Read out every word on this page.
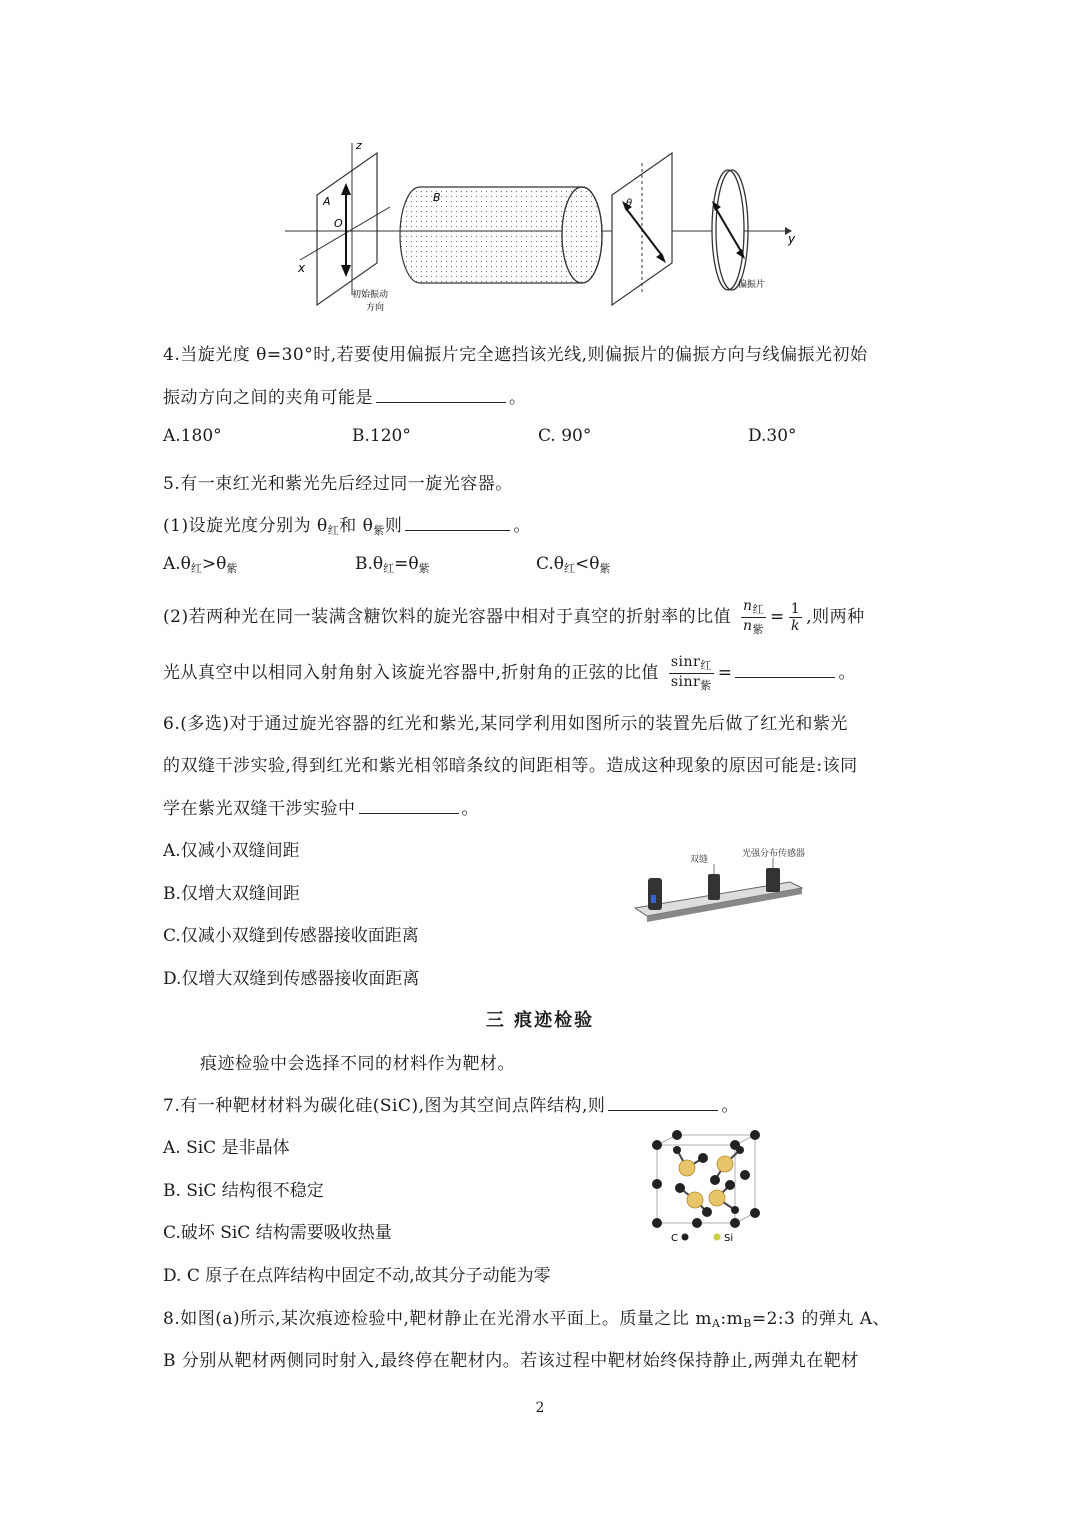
z
y
x
A
O
初始振动
方向
B	θ
偏振片
4.当旋光度 θ=30°时,若要使用偏振片完全遮挡该光线,则偏振片的偏振方向与线偏振光初始
振动方向之间的夹角可能是	。
A.180°	B.120°	C. 90°	D.30°
5.有一束红光和紫光先后经过同一旋光容器。
(1)设旋光度分别为 $\theta_红$和 $\theta_紫$则	。
$A.\theta_红>\theta_紫$	$B.\theta_红=\theta_紫$	$C.\theta_红<\theta_紫$
(2)若两种光在同一装满含糖饮料的旋光容器中相对于真空的折射率的比值 $\frac{n_红}{n_紫} = \frac{1}{k}$ ,则两种
光从真空中以相同入射角射入该旋光容器中,折射角的正弦的比值 $\frac{\sin r_红}{\sin r_紫}$ =	。
6.(多选)对于通过旋光容器的红光和紫光,某同学利用如图所示的装置先后做了红光和紫光
的双缝干涉实验,得到红光和紫光相邻暗条纹的间距相等。造成这种现象的原因可能是:该同
学在紫光双缝干涉实验中	。
A.仅减小双缝间距
B.仅增大双缝间距
C.仅减小双缝到传感器接收面距离
D.仅增大双缝到传感器接收面距离
双缝
光强分布传感器
三 痕迹检验
痕迹检验中会选择不同的材料作为靶材。
7.有一种靶材材料为碳化硅(SiC),图为其空间点阵结构,则	。
A. SiC 是非晶体
B. SiC 结构很不稳定
C.破坏 SiC 结构需要吸收热量
D. C 原子在点阵结构中固定不动,故其分子动能为零
C	Si
8.如图(a)所示,某次痕迹检验中,靶材静止在光滑水平面上。质量之比 $m_A:m_B=2:3$ 的弹丸 A、
B 分别从靶材两侧同时射入,最终停在靶材内。若该过程中靶材始终保持静止,两弹丸在靶材
2
